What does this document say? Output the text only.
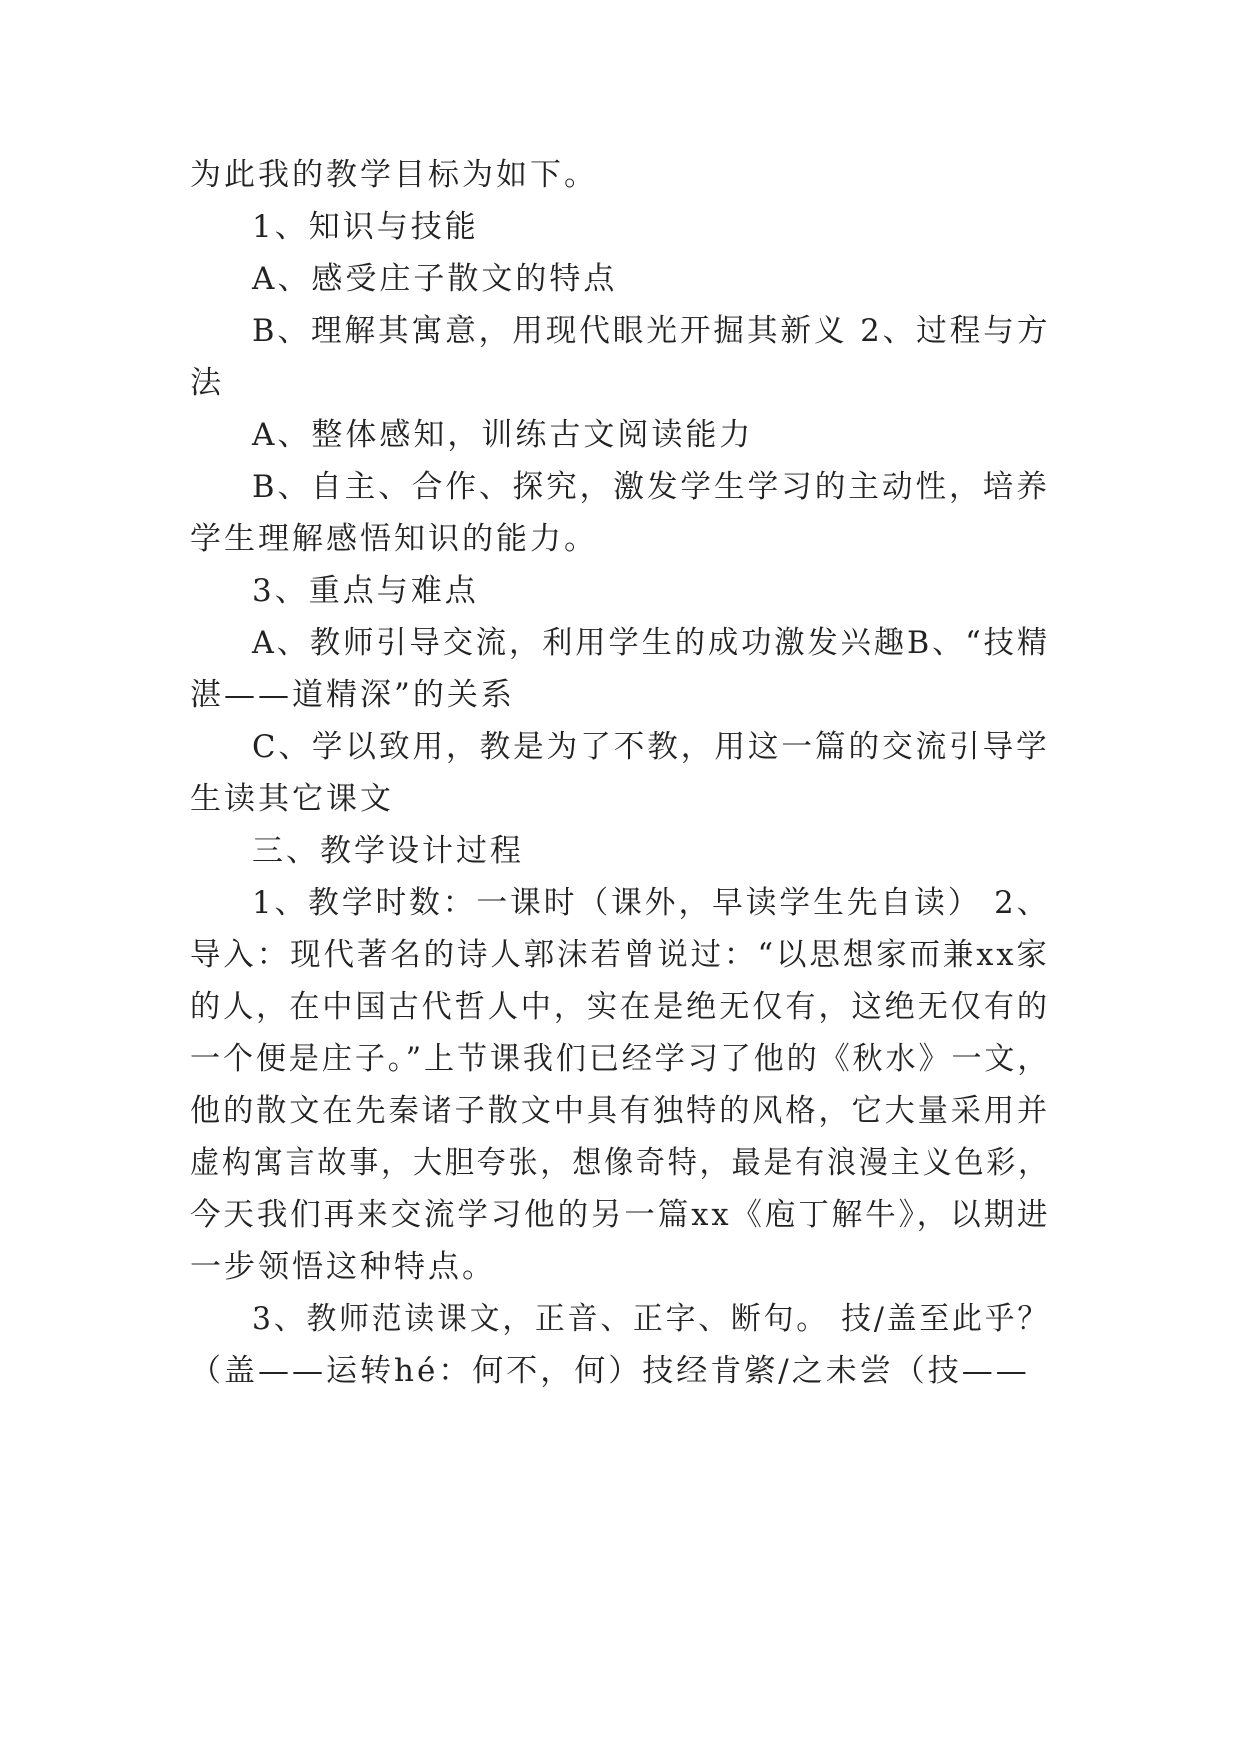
为此我的教学目标为如下。
1、知识与技能
A、感受庄子散文的特点
B、理解其寓意，用现代眼光开掘其新义 2、过程与方
法
A、整体感知，训练古文阅读能力
B、自主、合作、探究，激发学生学习的主动性，培养
学生理解感悟知识的能力。
3、重点与难点
A、教师引导交流，利用学生的成功激发兴趣B、“技精
湛——道精深”的关系
C、学以致用，教是为了不教，用这一篇的交流引导学
生读其它课文
三、教学设计过程
1、教学时数：一课时（课外，早读学生先自读） 2、
导入：现代著名的诗人郭沫若曾说过：“以思想家而兼xx家
的人，在中国古代哲人中，实在是绝无仅有，这绝无仅有的
一个便是庄子。”上节课我们已经学习了他的《秋水》一文，
他的散文在先秦诸子散文中具有独特的风格，它大量采用并
虚构寓言故事，大胆夸张，想像奇特，最是有浪漫主义色彩，
今天我们再来交流学习他的另一篇xx《庖丁解牛》，以期进
一步领悟这种特点。
3、教师范读课文，正音、正字、断句。 技/盖至此乎？
（盖——运转hé：何不，何）技经肯綮/之未尝（技——
